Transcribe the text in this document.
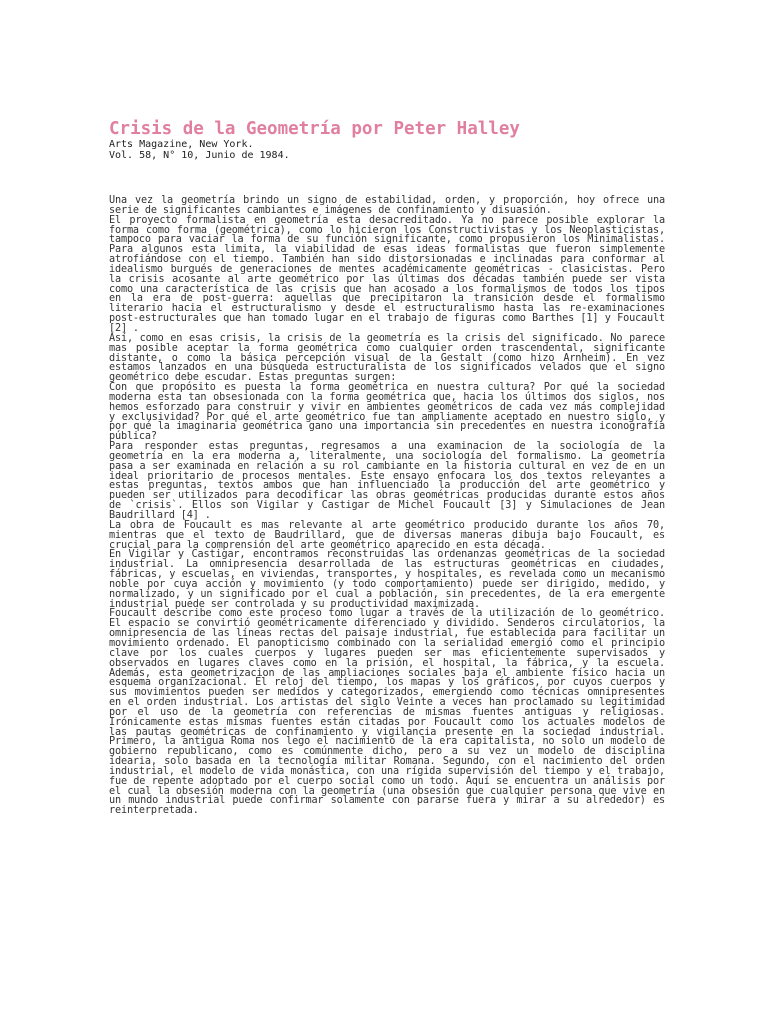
Crisis de la Geometría por Peter Halley
Arts Magazine, New York.
Vol. 58, N° 10, Junio de 1984.

Una vez la geometría brindo un signo de estabilidad, orden, y proporción, hoy ofrece una serie de significantes cambiantes e imágenes de confinamiento y disuasión.

El proyecto formalista en geometría esta desacreditado. Ya no parece posible explorar la forma como forma (geométrica), como lo hicieron los Constructivistas y los Neoplasticistas, tampoco para vaciar la forma de su función significante, como propusieron los Minimalistas. Para algunos esta limita, la viabilidad de esas ideas formalistas que fueron simplemente atrofiándose con el tiempo. También han sido distorsionadas e inclinadas para conformar al idealismo burgués de generaciones de mentes académicamente geométricas - clasicistas. Pero la crisis acosante al arte geométrico por las últimas dos décadas también puede ser vista como una característica de las crisis que han acosado a los formalismos de todos los tipos en la era de post-guerra: aquellas que precipitaron la transición desde el formalismo literario hacia el estructuralismo y desde el estructuralismo hasta las re-examinaciones post-estructurales que han tomado lugar en el trabajo de figuras como Barthes [1] y Foucault [2] .

Así, como en esas crisis, la crisis de la geometría es la crisis del significado. No parece mas posible aceptar la forma geométrica como cualquier orden trascendental, significante distante, o como la básica percepción visual de la Gestalt (como hizo Arnheim). En vez estamos lanzados en una búsqueda estructuralista de los significados velados que el signo geométrico debe escudar. Estas preguntas surgen:

Con que propósito es puesta la forma geométrica en nuestra cultura? Por qué la sociedad moderna esta tan obsesionada con la forma geométrica que, hacia los últimos dos siglos, nos hemos esforzado para construir y vivir en ambientes geométricos de cada vez más complejidad y exclusividad? Por qué el arte geométrico fue tan ampliamente aceptado en nuestro siglo, y por qué la imaginaria geométrica gano una importancia sin precedentes en nuestra iconografía pública?

Para responder estas preguntas, regresamos a una examinacion de la sociología de la geometría en la era moderna a, literalmente, una sociología del formalismo. La geometría pasa a ser examinada en relación a su rol cambiante en la historia cultural en vez de en un ideal prioritario de procesos mentales. Este ensayo enfocara los dos textos relevantes a estas preguntas, textos ambos que han influenciado la producción del arte geométrico y pueden ser utilizados para decodificar las obras geométricas producidas durante estos años de `crisis`. Ellos son Vigilar y Castigar de Michel Foucault [3] y Simulaciones de Jean Baudrillard [4] .

La obra de Foucault es mas relevante al arte geométrico producido durante los años 70, mientras que el texto de Baudrillard, que de diversas maneras dibuja bajo Foucault, es crucial para la comprensión del arte geométrico aparecido en esta década.

En Vigilar y Castigar, encontramos reconstruidas las ordenanzas geométricas de la sociedad industrial. La omnipresencia desarrollada de las estructuras geométricas en ciudades, fábricas, y escuelas, en viviendas, transportes, y hospitales, es revelada como un mecanismo noble por cuya acción y movimiento (y todo comportamiento) puede ser dirigido, medido, y normalizado, y un significado por el cual a población, sin precedentes, de la era emergente industrial puede ser controlada y su productividad maximizada.

Foucault describe como este proceso tomo lugar a través de la utilización de lo geométrico. El espacio se convirtió geométricamente diferenciado y dividido. Senderos circulatorios, la omnipresencia de las líneas rectas del paisaje industrial, fue establecida para facilitar un movimiento ordenado. El panopticismo combinado con la serialidad emergió como el principio clave por los cuales cuerpos y lugares pueden ser mas eficientemente supervisados y observados en lugares claves como en la prisión, el hospital, la fábrica, y la escuela. Además, esta geometrizacion de las ampliaciones sociales baja el ambiente físico hacia un esquema organizacional. El reloj del tiempo, los mapas y los gráficos, por cuyos cuerpos y sus movimientos pueden ser medidos y categorizados, emergiendo como técnicas omnipresentes en el orden industrial. Los artistas del siglo Veinte a veces han proclamado su legitimidad por el uso de la geometría con referencias de mismas fuentes antiguas y religiosas. Irónicamente estas mismas fuentes están citadas por Foucault como los actuales modelos de las pautas geométricas de confinamiento y vigilancia presente en la sociedad industrial. Primero, la antigua Roma nos lego el nacimiento de la era capitalista, no solo un modelo de gobierno republicano, como es comúnmente dicho, pero a su vez un modelo de disciplina idearia, solo basada en la tecnología militar Romana. Segundo, con el nacimiento del orden industrial, el modelo de vida monástica, con una rígida supervisión del tiempo y el trabajo, fue de repente adoptado por el cuerpo social como un todo. Aquí se encuentra un análisis por el cual la obsesión moderna con la geometría (una obsesión que cualquier persona que vive en un mundo industrial puede confirmar solamente con pararse fuera y mirar a su alrededor) es reinterpretada.
